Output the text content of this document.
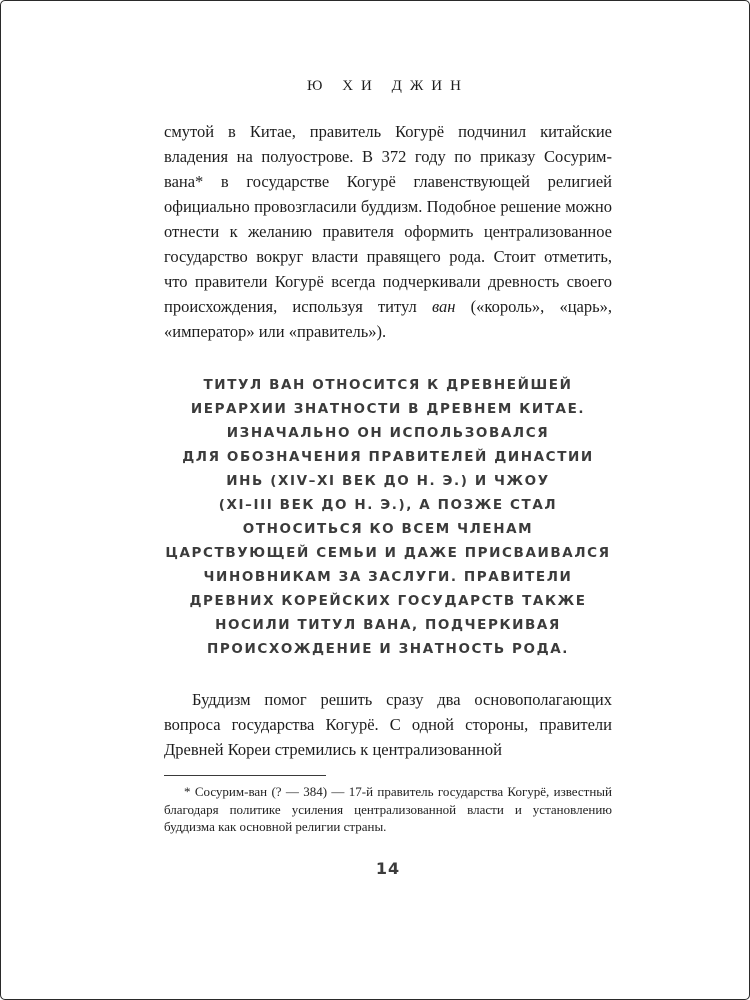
Ю ХИ ДЖИН

смутой в Китае, правитель Когурё подчинил китайские владения на полуострове. В 372 году по приказу Сосурим-вана* в государстве Когурё главенствующей религией официально провозгласили буддизм. Подобное решение можно отнести к желанию правителя оформить централизованное государство вокруг власти правящего рода. Стоит отметить, что правители Когурё всегда подчеркивали древность своего происхождения, используя титул ван («король», «царь», «император» или «правитель»).

ТИТУЛ ВАН ОТНОСИТСЯ К ДРЕВНЕЙШЕЙ
ИЕРАРХИИ ЗНАТНОСТИ В ДРЕВНЕМ КИТАЕ.
ИЗНАЧАЛЬНО ОН ИСПОЛЬЗОВАЛСЯ
ДЛЯ ОБОЗНАЧЕНИЯ ПРАВИТЕЛЕЙ ДИНАСТИИ
ИНЬ (XIV–XI ВЕК ДО Н. Э.) И ЧЖОУ
(XI–III ВЕК ДО Н. Э.), А ПОЗЖЕ СТАЛ
ОТНОСИТЬСЯ КО ВСЕМ ЧЛЕНАМ
ЦАРСТВУЮЩЕЙ СЕМЬИ И ДАЖЕ ПРИСВАИВАЛСЯ
ЧИНОВНИКАМ ЗА ЗАСЛУГИ. ПРАВИТЕЛИ
ДРЕВНИХ КОРЕЙСКИХ ГОСУДАРСТВ ТАКЖЕ
НОСИЛИ ТИТУЛ ВАНА, ПОДЧЕРКИВАЯ
ПРОИСХОЖДЕНИЕ И ЗНАТНОСТЬ РОДА.

Буддизм помог решить сразу два основополагающих вопроса государства Когурё. С одной стороны, правители Древней Кореи стремились к централизованной

* Сосурим-ван (? — 384) — 17-й правитель государства Когурё, известный благодаря политике усиления централизованной власти и установлению буддизма как основной религии страны.

14
